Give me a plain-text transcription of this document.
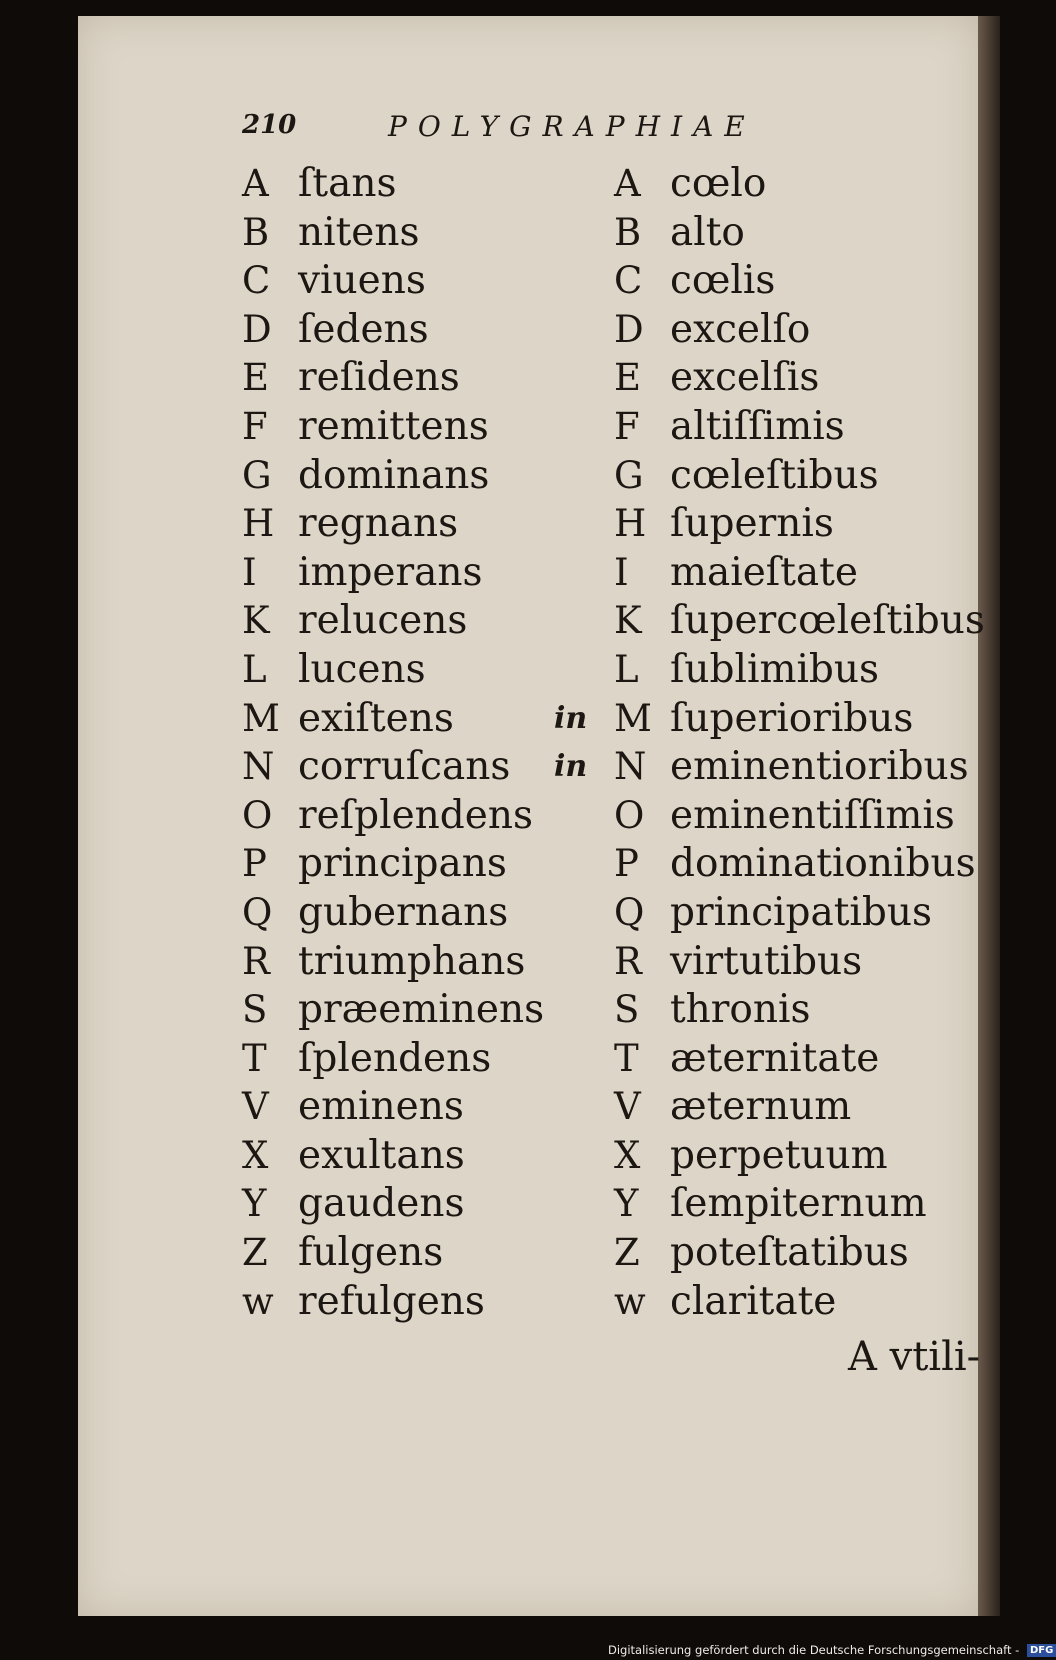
210	POLYGRAPHIAE
A ſtans
B nitens
C viuens
D ſedens
E reſidens
F remittens
G dominans
H regnans
I imperans
K relucens
L lucens
M exiſtens
N corruſcans
O reſplendens
P principans
Q gubernans
R triumphans
S præeminens
T ſplendens
V eminens
X exultans
Y gaudens
Z fulgens
w refulgens
A cœlo
B alto
C cœlis
D excelſo
E excelſis
F altiſſimis
G cœleſtibus
H ſupernis
I maieſtate
K ſupercœleſtibus
L ſublimibus
in M ſuperioribus
in N eminentioribus
O eminentiſſimis
P dominationibus
Q principatibus
R virtutibus
S thronis
T æternitate
V æternum
X perpetuum
Y ſempiternum
Z poteſtatibus
w claritate
A vtili-
Digitalisierung gefördert durch die Deutsche Forschungsgemeinschaft - DFG
